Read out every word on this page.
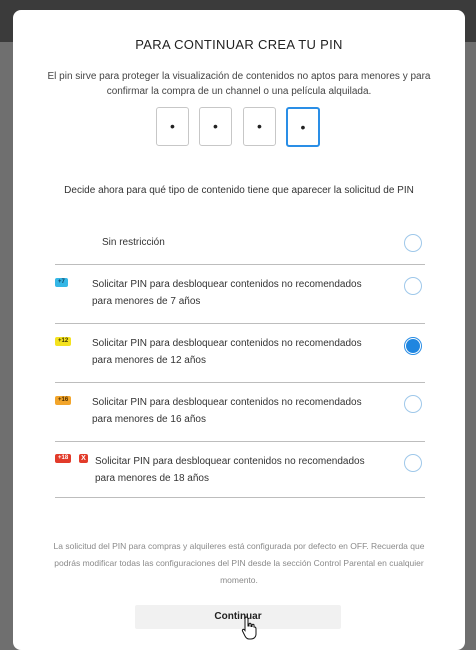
PARA CONTINUAR CREA TU PIN
El pin sirve para proteger la visualización de contenidos no aptos para menores y para confirmar la compra de un channel o una película alquilada.
•	•	•	•
Decide ahora para qué tipo de contenido tiene que aparecer la solicitud de PIN
Sin restricción
+7	Solicitar PIN para desbloquear contenidos no recomendados para menores de 7 años
+12	Solicitar PIN para desbloquear contenidos no recomendados para menores de 12 años
+16	Solicitar PIN para desbloquear contenidos no recomendados para menores de 16 años
+18	X Solicitar PIN para desbloquear contenidos no recomendados para menores de 18 años
La solicitud del PIN para compras y alquileres está configurada por defecto en OFF. Recuerda que podrás modificar todas las configuraciones del PIN desde la sección Control Parental en cualquier momento.
Continuar
